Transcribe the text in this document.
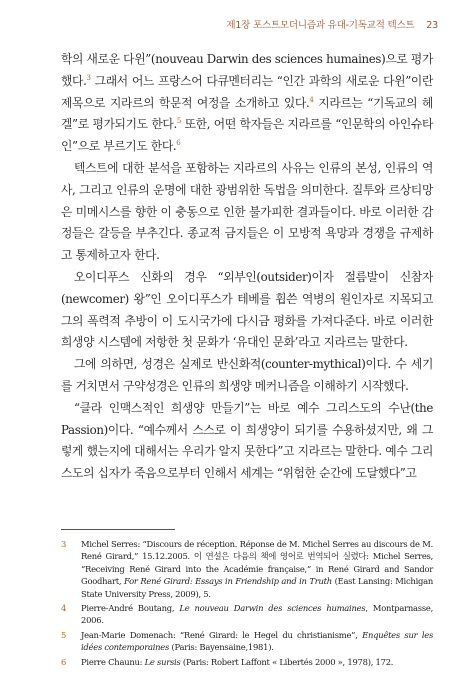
제1장 포스트모더니즘과 유대-기독교적 텍스트 23

학의 새로운 다윈”(nouveau Darwin des sciences humaines)으로 평가했다.$^3$ 그래서 어느 프랑스어 다큐멘터리는 “인간 과학의 새로운 다윈”이란 제목으로 지라르의 학문적 여정을 소개하고 있다.$^4$ 지라르는 “기독교의 헤겔”로 평가되기도 한다.$^5$ 또한, 어떤 학자들은 지라르를 “인문학의 아인슈타인”으로 부르기도 한다.$^6$

텍스트에 대한 분석을 포함하는 지라르의 사유는 인류의 본성, 인류의 역사, 그리고 인류의 운명에 대한 광범위한 독법을 의미한다. 질투와 르상티망은 미메시스를 향한 이 충동으로 인한 불가피한 결과들이다. 바로 이러한 감정들은 갈등을 부추긴다. 종교적 금지들은 이 모방적 욕망과 경쟁을 규제하고 통제하고자 한다.

오이디푸스 신화의 경우 “외부인(outsider)이자 절름발이 신참자(newcomer) 왕”인 오이디푸스가 테베를 휩쓴 역병의 원인자로 지목되고 그의 폭력적 추방이 이 도시국가에 다시금 평화를 가져다준다. 바로 이러한 희생양 시스템에 저항한 첫 문화가 ‘유대인 문화’라고 지라르는 말한다.

그에 의하면, 성경은 실제로 반신화적(counter-mythical)이다. 수 세기를 거치면서 구약성경은 인류의 희생양 메커니즘을 이해하기 시작했다.

“클라 인맥스적인 희생양 만들기”는 바로 예수 그리스도의 수난(the Passion)이다. “예수께서 스스로 이 희생양이 되기를 수용하셨지만, 왜 그렇게 했는지에 대해서는 우리가 알지 못한다”고 지라르는 말한다. 예수 그리스도의 십자가 죽음으로부터 인해서 세계는 “위험한 순간에 도달했다”고

3 Michel Serres: “Discours de réception. Réponse de M. Michel Serres au discours de M. René Girard,” 15.12.2005. 이 연설은 다음의 책에 영어로 번역되어 실렸다: Michel Serres, “Receiving René Girard into the Académie française,” in René Girard and Sandor Goodhart, For René Girard: Essays in Friendship and in Truth (East Lansing: Michigan State University Press, 2009), 5.
4 Pierre-André Boutang, Le nouveau Darwin des sciences humaines, Montparnasse, 2006.
5 Jean-Marie Domenach: “René Girard: le Hegel du christianisme”, Enquêtes sur les idées contemporaines (Paris: Bayensaine,1981).
6 Pierre Chaunu: Le sursis (Paris: Robert Laffont « Libertés 2000 », 1978), 172.
